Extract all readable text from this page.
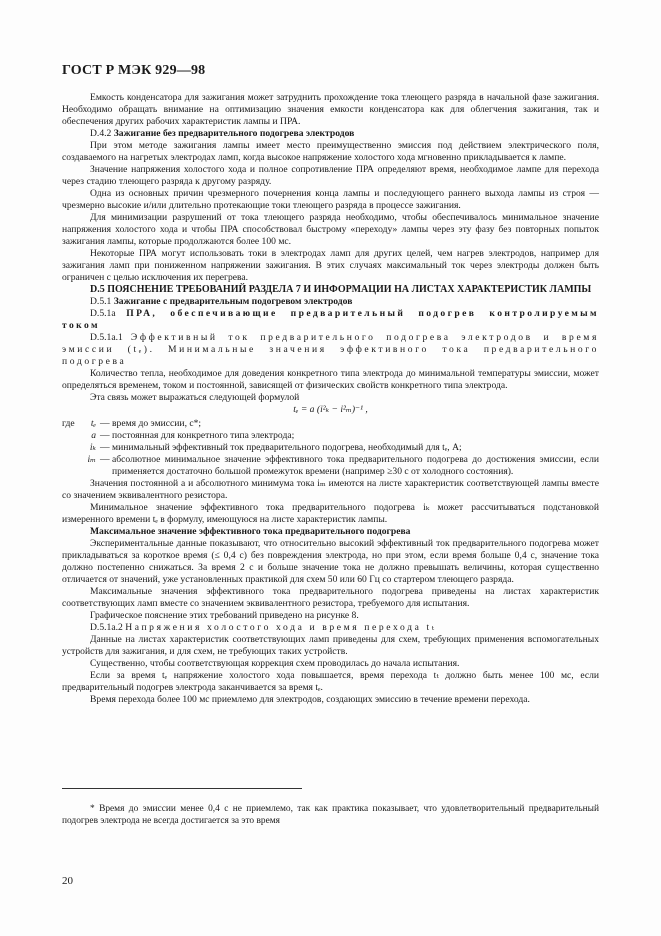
ГОСТ Р МЭК 929—98

Емкость конденсатора для зажигания может затруднить прохождение тока тлеющего разряда в начальной фазе зажигания. Необходимо обращать внимание на оптимизацию значения емкости конденсатора как для облегчения зажигания, так и обеспечения других рабочих характеристик лампы и ПРА.

D.4.2 Зажигание без предварительного подогрева электродов

При этом методе зажигания лампы имеет место преимущественно эмиссия под действием электрического поля, создаваемого на нагретых электродах ламп, когда высокое напряжение холостого хода мгновенно прикладывается к лампе.

Значение напряжения холостого хода и полное сопротивление ПРА определяют время, необходимое лампе для перехода через стадию тлеющего разряда к другому разряду.

Одна из основных причин чрезмерного почернения конца лампы и последующего раннего выхода лампы из строя — чрезмерно высокие и/или длительно протекающие токи тлеющего разряда в процессе зажигания.

Для минимизации разрушений от тока тлеющего разряда необходимо, чтобы обеспечивалось минимальное значение напряжения холостого хода и чтобы ПРА способствовал быстрому «переходу» лампы через эту фазу без повторных попыток зажигания лампы, которые продолжаются более 100 мс.

Некоторые ПРА могут использовать токи в электродах ламп для других целей, чем нагрев электродов, например для зажигания ламп при пониженном напряжении зажигания. В этих случаях максимальный ток через электроды должен быть ограничен с целью исключения их перегрева.

D.5 ПОЯСНЕНИЕ ТРЕБОВАНИЙ РАЗДЕЛА 7 И ИНФОРМАЦИИ НА ЛИСТАХ ХАРАКТЕРИСТИК ЛАМПЫ

D.5.1 Зажигание с предварительным подогревом электродов

D.5.1a ПРА, обеспечивающие предварительный подогрев контролируемым током

D.5.1a.1 Эффективный ток предварительного подогрева электродов и время эмиссии (tₑ). Минимальные значения эффективного тока предварительного подогрева

Количество тепла, необходимое для доведения конкретного типа электрода до минимальной температуры эмиссии, может определяться временем, током и постоянной, зависящей от физических свойств конкретного типа электрода.

Эта связь может выражаться следующей формулой

tₑ = a (i²ₖ − i²ₘ)⁻¹ ,

где	tₑ — время до эмиссии, с*;
a — постоянная для конкретного типа электрода;
iₖ — минимальный эффективный ток предварительного подогрева, необходимый для tₑ, А;
iₘ — абсолютное минимальное значение эффективного тока предварительного подогрева до достижения эмиссии, если применяется достаточно большой промежуток времени (например ≥30 с от холодного состояния).

Значения постоянной a и абсолютного минимума тока iₘ имеются на листе характеристик соответствующей лампы вместе со значением эквивалентного резистора.

Минимальное значение эффективного тока предварительного подогрева iₖ может рассчитываться подстановкой измеренного времени tₑ в формулу, имеющуюся на листе характеристик лампы.

Максимальное значение эффективного тока предварительного подогрева

Экспериментальные данные показывают, что относительно высокий эффективный ток предварительного подогрева может прикладываться за короткое время (≤ 0,4 с) без повреждения электрода, но при этом, если время больше 0,4 с, значение тока должно постепенно снижаться. За время 2 с и больше значение тока не должно превышать величины, которая существенно отличается от значений, уже установленных практикой для схем 50 или 60 Гц со стартером тлеющего разряда.

Максимальные значения эффективного тока предварительного подогрева приведены на листах характеристик соответствующих ламп вместе со значением эквивалентного резистора, требуемого для испытания.

Графическое пояснение этих требований приведено на рисунке 8.

D.5.1a.2 Напряжения холостого хода и время перехода tₜ

Данные на листах характеристик соответствующих ламп приведены для схем, требующих применения вспомогательных устройств для зажигания, и для схем, не требующих таких устройств.

Существенно, чтобы соответствующая коррекция схем проводилась до начала испытания.

Если за время tₑ напряжение холостого хода повышается, время перехода tₜ должно быть менее 100 мс, если предварительный подогрев электрода заканчивается за время tₑ.

Время перехода более 100 мс приемлемо для электродов, создающих эмиссию в течение времени перехода.

* Время до эмиссии менее 0,4 с не приемлемо, так как практика показывает, что удовлетворительный предварительный подогрев электрода не всегда достигается за это время

20
